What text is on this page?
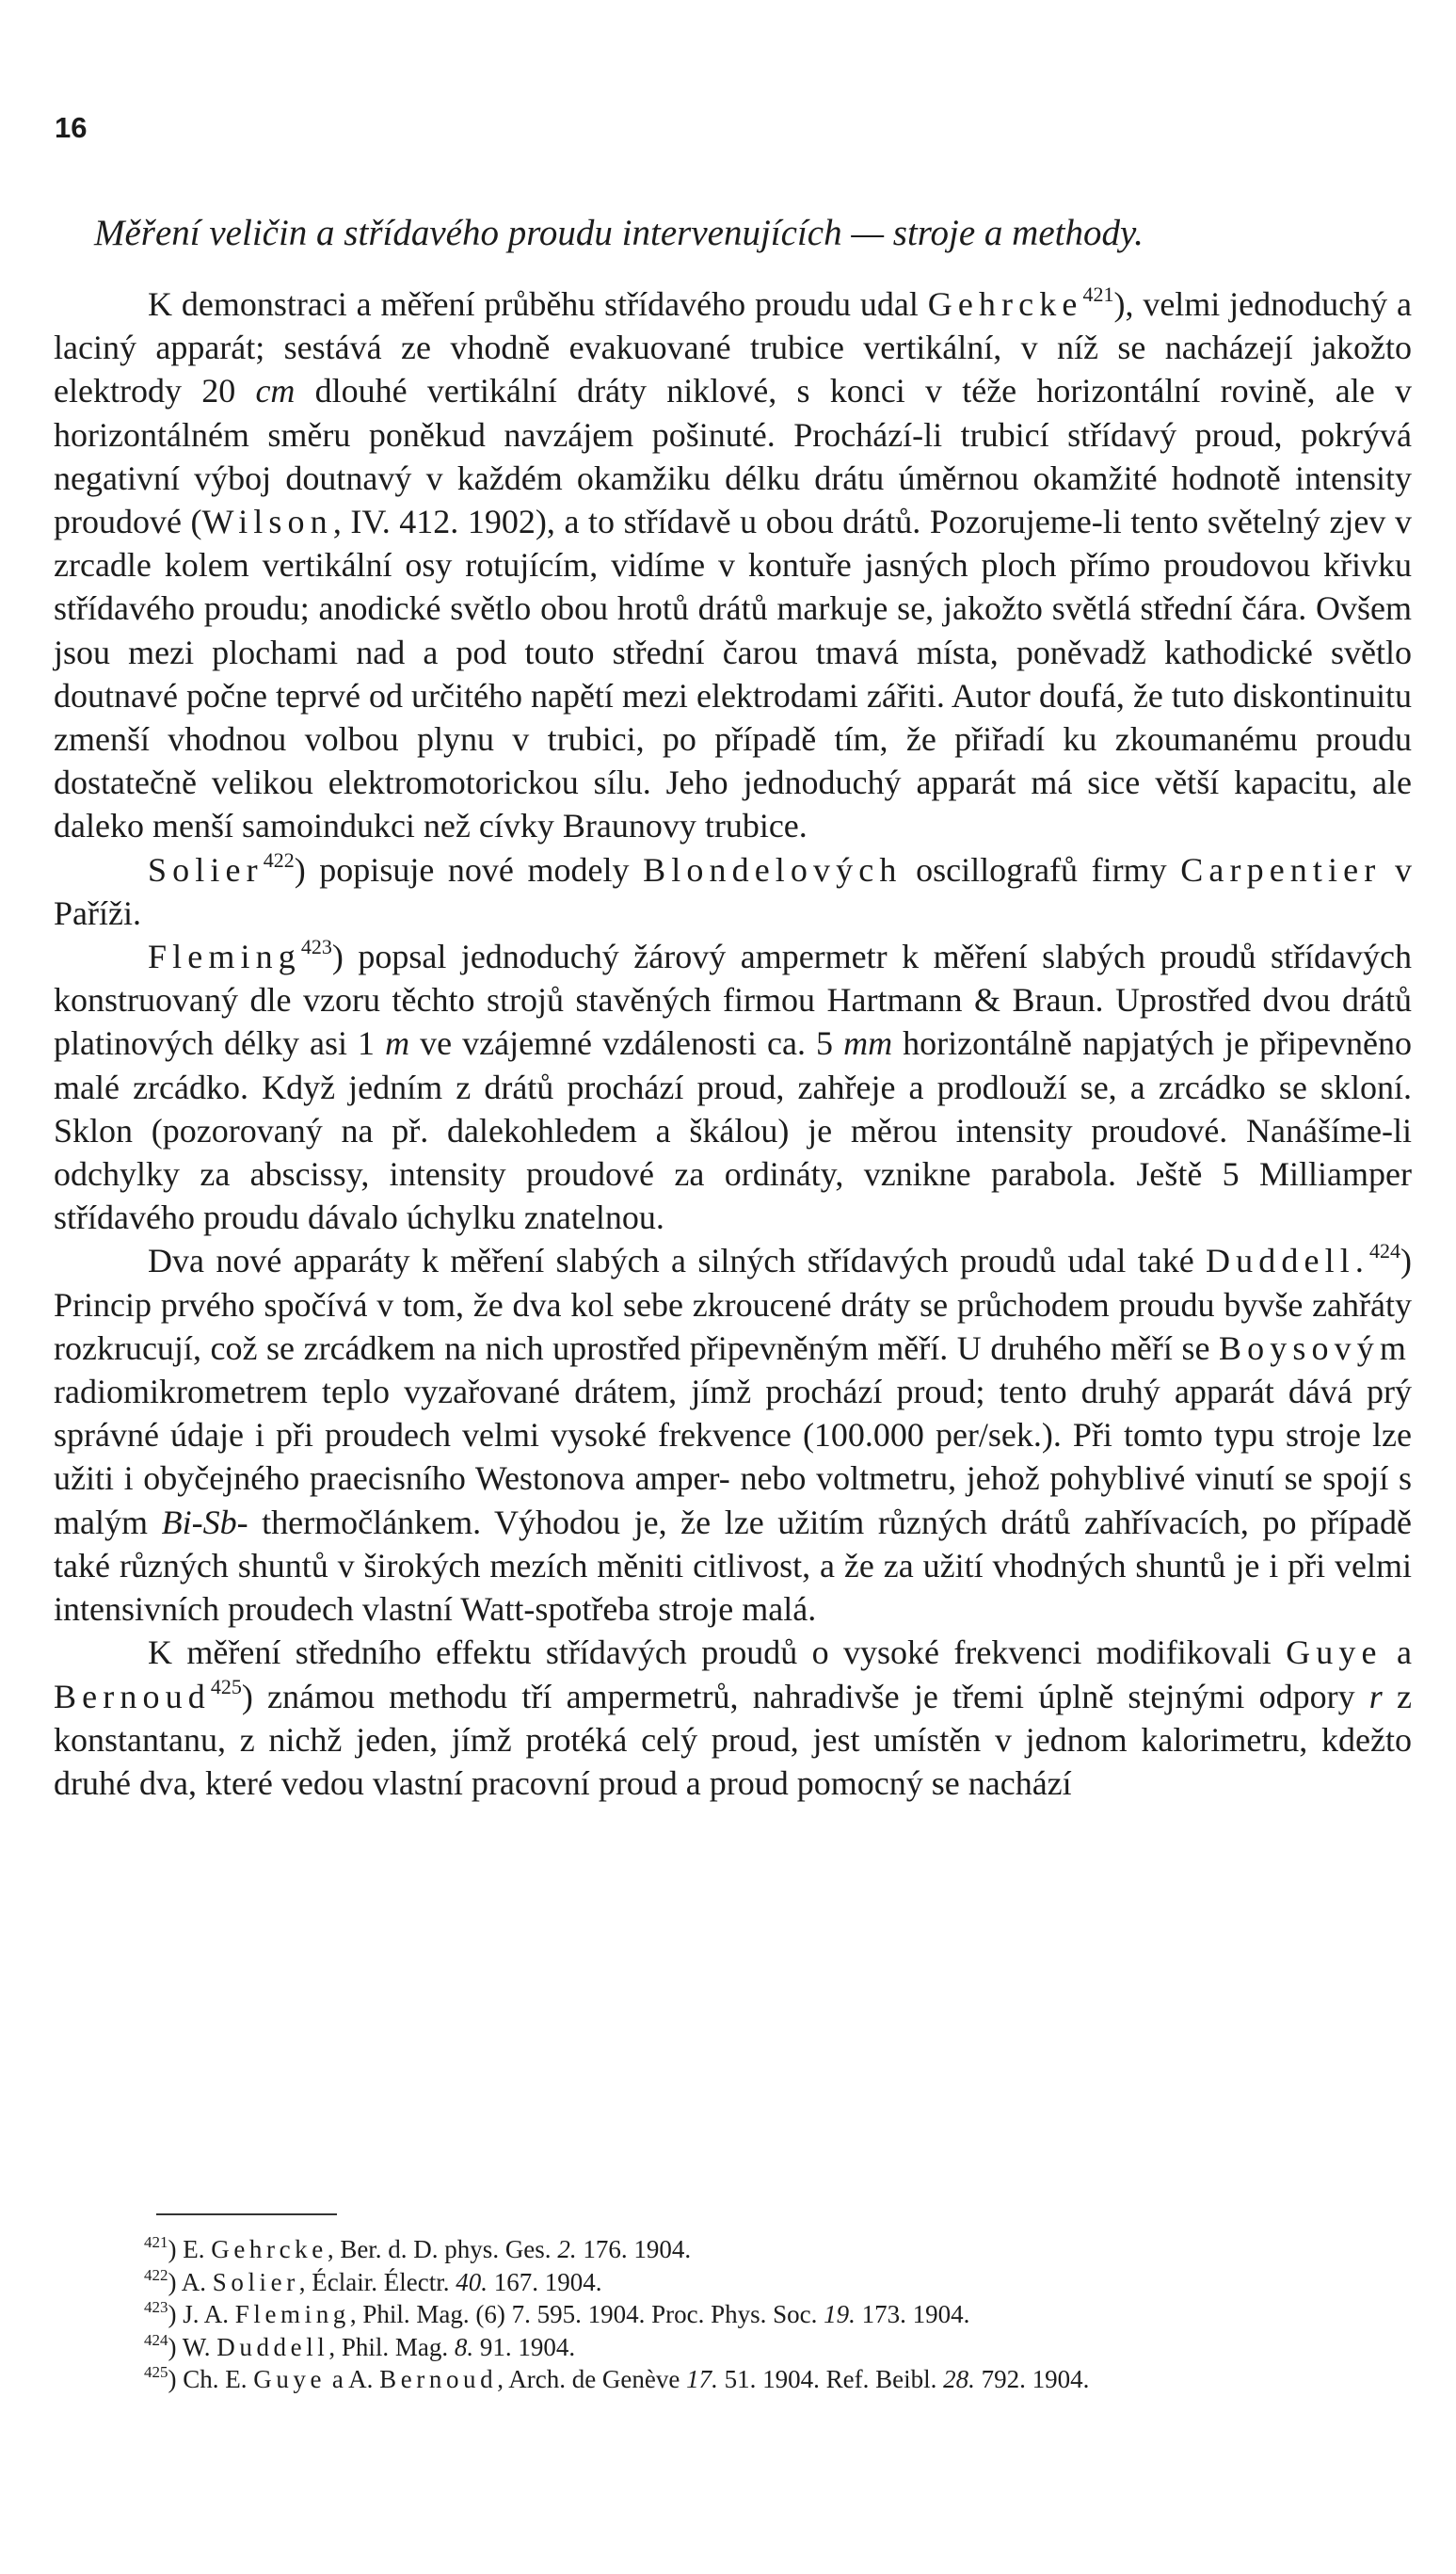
16
Měření veličin a střídavého proudu intervenujících — stroje a methody.

K demonstraci a měření průběhu střídavého proudu udal Gehrcke$^{421}$), velmi jednoduchý a laciný apparát; sestává ze vhodně evakuované trubice vertikální, v níž se nacházejí jakožto elektrody 20 cm dlouhé vertikální dráty niklové, s konci v téže horizontální rovině, ale v horizontálném směru poněkud navzájem pošinuté. Prochází-li trubicí střídavý proud, pokrývá negativní výboj doutnavý v každém okamžiku délku drátu úměrnou okamžité hodnotě intensity proudové (Wilson, IV. 412. 1902), a to střídavě u obou drátů. Pozorujeme-li tento světelný zjev v zrcadle kolem vertikální osy rotujícím, vidíme v kontuře jasných ploch přímo proudovou křivku střídavého proudu; anodické světlo obou hrotů drátů markuje se, jakožto světlá střední čára. Ovšem jsou mezi plochami nad a pod touto střední čarou tmavá místa, poněvadž kathodické světlo doutnavé počne teprvé od určitého napětí mezi elektrodami zářiti. Autor doufá, že tuto diskontinuitu zmenší vhodnou volbou plynu v trubici, po případě tím, že přiřadí ku zkoumanému proudu dostatečně velikou elektromotorickou sílu. Jeho jednoduchý apparát má sice větší kapacitu, ale daleko menší samoindukci než cívky Braunovy trubice.

Solier$^{422}$) popisuje nové modely Blondelových oscillografů firmy Carpentier v Paříži.

Fleming$^{423}$) popsal jednoduchý žárový ampermetr k měření slabých proudů střídavých konstruovaný dle vzoru těchto strojů stavěných firmou Hartmann & Braun. Uprostřed dvou drátů platinových délky asi 1 m ve vzájemné vzdálenosti ca. 5 mm horizontálně napjatých je připevněno malé zrcádko. Když jedním z drátů prochází proud, zahřeje a prodlouží se, a zrcádko se skloní. Sklon (pozorovaný na př. dalekohledem a škálou) je měrou intensity proudové. Nanášíme-li odchylky za abscissy, intensity proudové za ordináty, vznikne parabola. Ještě 5 Milliamper střídavého proudu dávalo úchylku znatelnou.

Dva nové apparáty k měření slabých a silných střídavých proudů udal také Duddell.$^{424}$) Princip prvého spočívá v tom, že dva kol sebe zkroucené dráty se průchodem proudu byvše zahřáty rozkrucují, což se zrcádkem na nich uprostřed připevněným měří. U druhého měří se Boysovým radiomikrometrem teplo vyzařované drátem, jímž prochází proud; tento druhý apparát dává prý správné údaje i při proudech velmi vysoké frekvence (100.000 per/sek.). Při tomto typu stroje lze užiti i obyčejného praecisního Westonova amper- nebo voltmetru, jehož pohyblivé vinutí se spojí s malým Bi-Sb- thermočlánkem. Výhodou je, že lze užitím různých drátů zahřívacích, po případě také různých shuntů v širokých mezích měniti citlivost, a že za užití vhodných shuntů je i při velmi intensivních proudech vlastní Watt-spotřeba stroje malá.

K měření středního effektu střídavých proudů o vysoké frekvenci modifikovali Guye a Bernoud$^{425}$) známou methodu tří ampermetrů, nahradivše je třemi úplně stejnými odpory r z konstantanu, z nichž jeden, jímž protéká celý proud, jest umístěn v jednom kalorimetru, kdežto druhé dva, které vedou vlastní pracovní proud a proud pomocný se nachází

$^{421}$) E. Gehrcke, Ber. d. D. phys. Ges. 2. 176. 1904.
$^{422}$) A. Solier, Éclair. Électr. 40. 167. 1904.
$^{423}$) J. A. Fleming, Phil. Mag. (6) 7. 595. 1904. Proc. Phys. Soc. 19. 173. 1904.
$^{424}$) W. Duddell, Phil. Mag. 8. 91. 1904.
$^{425}$) Ch. E. Guye a A. Bernoud, Arch. de Genève 17. 51. 1904. Ref. Beibl. 28. 792. 1904.
